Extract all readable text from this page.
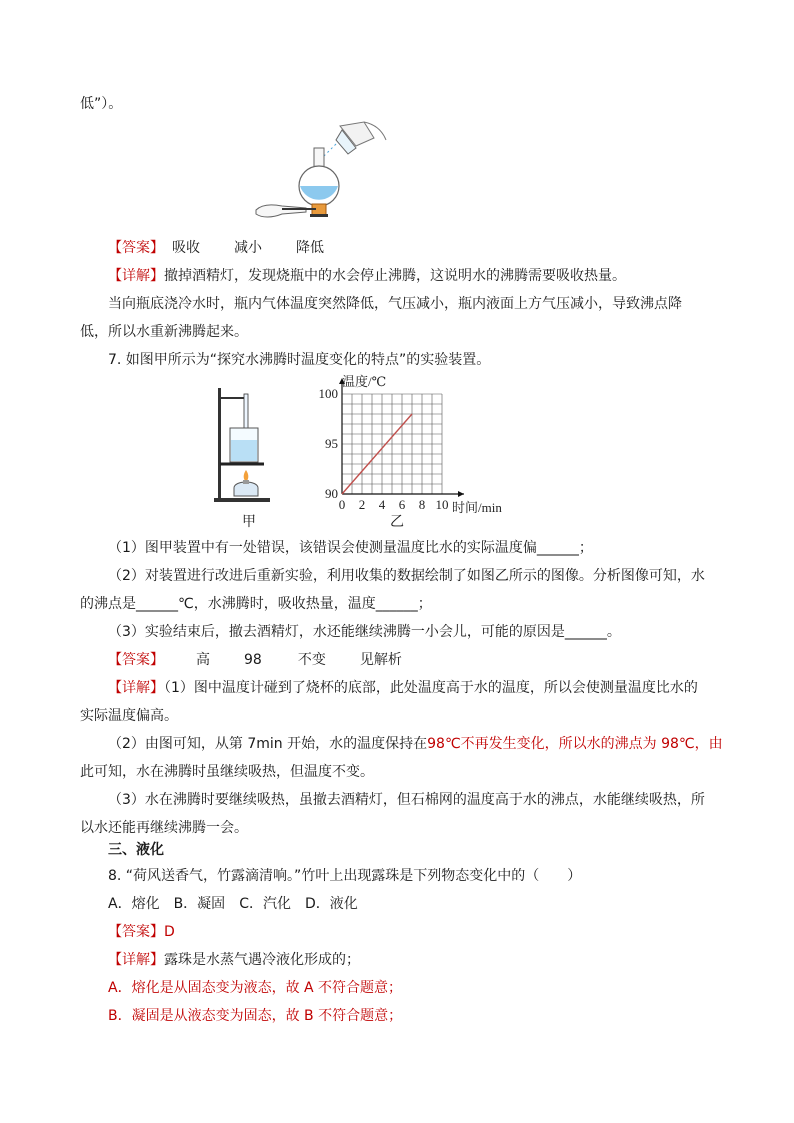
低”）。
【答案】 吸收 减小 降低
【详解】撤掉酒精灯，发现烧瓶中的水会停止沸腾，这说明水的沸腾需要吸收热量。
当向瓶底浇冷水时，瓶内气体温度突然降低，气压减小，瓶内液面上方气压减小，导致沸点降
低，所以水重新沸腾起来。
7. 如图甲所示为“探究水沸腾时温度变化的特点”的实验装置。
甲
0 2 4 6 8 10
90
95
100
温度/℃
时间/min
乙
（1）图甲装置中有一处错误，该错误会使测量温度比水的实际温度偏______；
（2）对装置进行改进后重新实验，利用收集的数据绘制了如图乙所示的图像。分析图像可知，水
的沸点是______℃，水沸腾时，吸收热量，温度______；
（3）实验结束后，撤去酒精灯，水还能继续沸腾一小会儿，可能的原因是______。
【答案】 高 98	不变 见解析
【详解】（1）图中温度计碰到了烧杯的底部，此处温度高于水的温度，所以会使测量温度比水的
实际温度偏高。
（2）由图可知，从第 7min 开始，水的温度保持在98℃不再发生变化，所以水的沸点为 98℃，由
此可知，水在沸腾时虽继续吸热，但温度不变。
（3）水在沸腾时要继续吸热，虽撤去酒精灯，但石棉网的温度高于水的沸点，水能继续吸热，所
以水还能再继续沸腾一会。
三、液化
8. “荷风送香气，竹露滴清响。”竹叶上出现露珠是下列物态变化中的（　　）
A．熔化 B．凝固 C．汽化 D．液化
【答案】D
【详解】露珠是水蒸气遇冷液化形成的；
A．熔化是从固态变为液态，故 A 不符合题意；
B．凝固是从液态变为固态，故 B 不符合题意；
